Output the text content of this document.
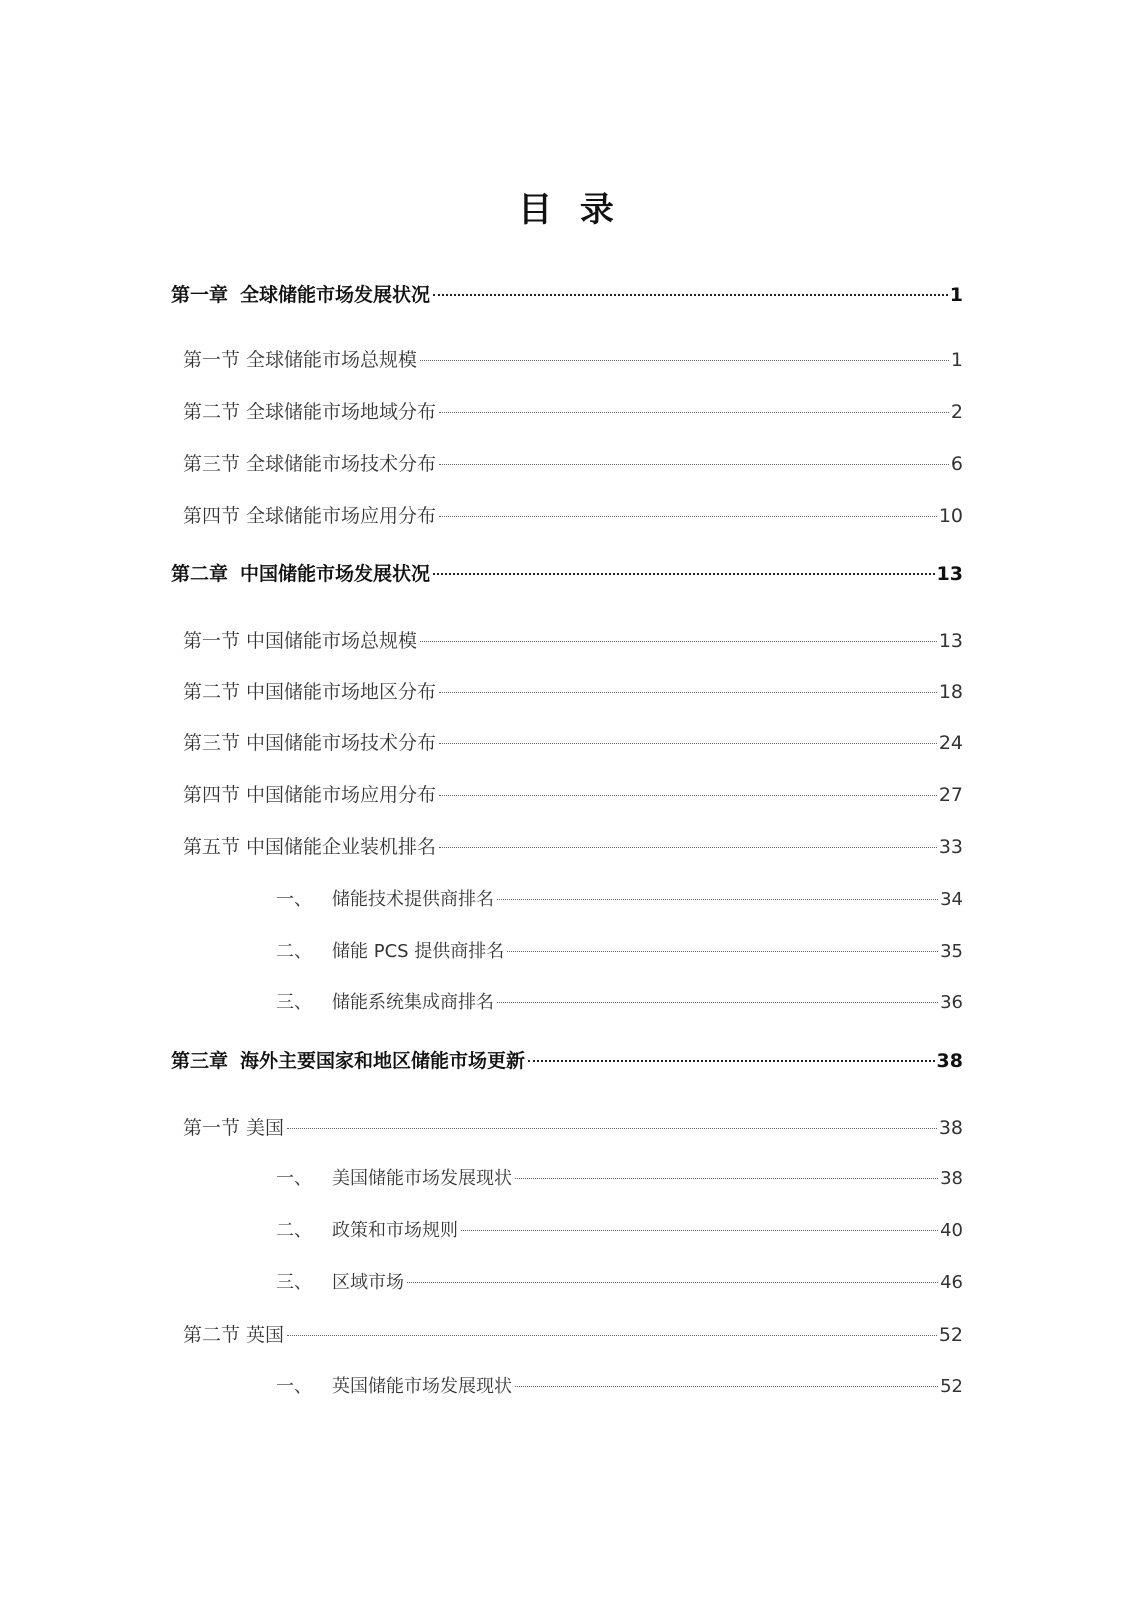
目 录
第一章 全球储能市场发展状况	1
第一节 全球储能市场总规模	1
第二节 全球储能市场地域分布	2
第三节 全球储能市场技术分布	6
第四节 全球储能市场应用分布	10
第二章 中国储能市场发展状况	13
第一节 中国储能市场总规模	13
第二节 中国储能市场地区分布	18
第三节 中国储能市场技术分布	24
第四节 中国储能市场应用分布	27
第五节 中国储能企业装机排名	33
一、 储能技术提供商排名	34
二、 储能 PCS 提供商排名	35
三、 储能系统集成商排名	36
第三章 海外主要国家和地区储能市场更新	38
第一节 美国	38
一、 美国储能市场发展现状	38
二、 政策和市场规则	40
三、 区域市场	46
第二节 英国	52
一、 英国储能市场发展现状	52
